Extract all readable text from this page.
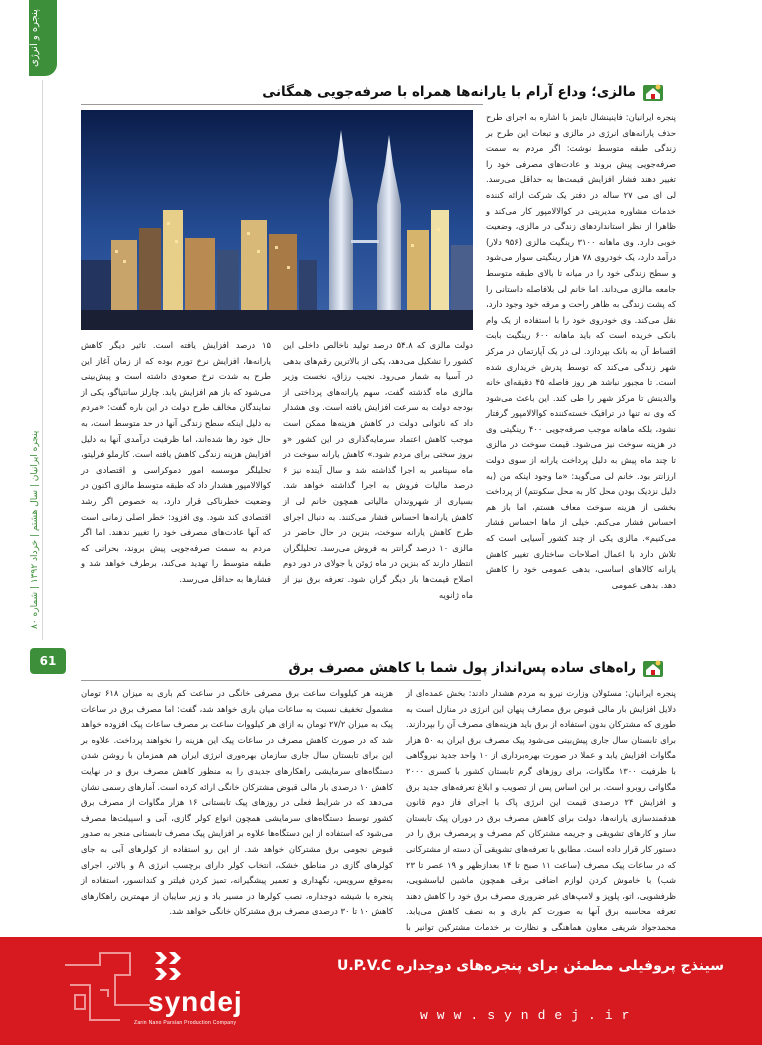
پنجره و انرژی
پنجره ایرانیان | سال هشتم | خرداد ۱۳۹۲ | شماره ۸۰
61
مالزی؛ وداع آرام با یارانه‌ها همراه با صرفه‌جویی همگانی

پنجره ایرانیان: فاینینشال تایمز با اشاره به اجرای طرح حذف یارانه‌های انرژی در مالزی و تبعات این طرح بر زندگی طبقه متوسط نوشت: اگر مردم به سمت صرفه‌جویی پیش بروند و عادت‌های مصرفی خود را تغییر دهند فشار افزایش قیمت‌ها به حداقل می‌رسد. لی ای می ۲۷ ساله در دفتر یک شرکت ارائه کننده خدمات مشاوره مدیریتی در کوالالامپور کار می‌کند و ظاهرا از نظر استانداردهای زندگی در مالزی، وضعیت خوبی دارد. وی ماهانه ۳۱۰۰ رینگیت مالزی (۹۵۶ دلار) درآمد دارد، یک خودروی ۷۸ هزار رینگیتی سوار می‌شود و سطح زندگی خود را در میانه تا بالای طبقه متوسط جامعه مالزی می‌داند. اما خانم لی بلافاصله داستانی را که پشت زندگی به ظاهر راحت و مرفه خود وجود دارد، نقل می‌کند. وی خودروی خود را با استفاده از یک وام بانکی خریده است که باید ماهانه ۶۰۰ رینگیت بابت اقساط آن به بانک بپردازد. لی در یک آپارتمان در مرکز شهر زندگی می‌کند که توسط پدرش خریداری شده است. تا مجبور نباشد هر روز فاصله ۴۵ دقیقه‌ای خانه والدینش تا مرکز شهر را طی کند. این باعث می‌شود که وی نه تنها در ترافیک خسته‌کننده کوالالامپور گرفتار نشود، بلکه ماهانه موجب صرفه‌جویی ۴۰۰ رینگیتی وی در هزینه سوخت نیز می‌شود. قیمت سوخت در مالزی تا چند ماه پیش به دلیل پرداخت یارانه از سوی دولت ارزانتر بود. خانم لی می‌گوید: «ما وجود اینکه من (به دلیل نزدیک بودن محل کار به محل سکونتم) از پرداخت بخشی از هزینه سوخت معاف هستم، اما باز هم احساس فشار می‌کنم. خیلی از ما‌ها احساس فشار می‌کنیم». مالزی یکی از چند کشور آسیایی است که تلاش دارد با اعمال اصلاحات ساختاری تغییر کاهش یارانه کالاهای اساسی، بدهی عمومی خود را کاهش دهد. بدهی عمومی

دولت مالزی که ۵۴.۸ درصد تولید ناخالص داخلی این کشور را تشکیل می‌دهد، یکی از بالاترین رقم‌های بدهی در آسیا به شمار می‌رود. نجیب رزاق، نخست وزیر مالزی ماه گذشته گفت، سهم یارانه‌های پرداختی از بودجه دولت به سرعت افزایش یافته است. وی هشدار داد که ناتوانی دولت در کاهش هزینه‌ها ممکن است موجب کاهش اعتماد سرمایه‌گذاری در این کشور «و بروز سختی برای مردم شود.» کاهش یارانه سوخت در ماه سپتامبر به اجرا گذاشته شد و سال آینده نیز ۶ درصد مالیات فروش به اجرا گذاشته خواهد شد. بسیاری از شهروندان مالیاتی همچون خانم لی از کاهش یارانه‌ها احساس فشار می‌کنند. به دنبال اجرای طرح کاهش یارانه سوخت، بنزین در حال حاضر در مالزی ۱۰ درصد گرانتر به فروش می‌رسد. تحلیلگران انتظار دارند که بنزین در ماه ژوئن یا جولای در دور دوم اصلاح قیمت‌ها بار دیگر گران شود. تعرفه برق نیز از ماه ژانویه

۱۵ درصد افزایش یافته است. تاثیر دیگر کاهش یارانه‌ها، افزایش نرخ تورم بوده که از زمان آغاز این طرح به شدت نرخ صعودی داشته است و پیش‌بینی می‌شود که باز هم افزایش یابد. چارلز سانتیاگو، یکی از نمایندگان مخالف طرح دولت در این باره گفت: «مردم به دلیل اینکه سطح زندگی آنها در حد متوسط است، به حال خود رها شده‌اند، اما ظرفیت درآمدی آنها به دلیل افزایش هزینه زندگی کاهش یافته است. کارملو فرلیتو، تحلیلگر موسسه امور دموکراسی و اقتصادی در کوالالامپور هشدار داد که طبقه متوسط مالزی اکنون در وضعیت خطرناکی قرار دارد، به خصوص اگر رشد اقتصادی کند شود. وی افزود: خطر اصلی زمانی است که آنها عادت‌های مصرفی خود را تغییر ندهند. اما اگر مردم به سمت صرفه‌جویی پیش بروند، بحرانی که طبقه متوسط را تهدید می‌کند، برطرف خواهد شد و فشارها به حداقل می‌رسد.

راه‌های ساده پس‌انداز پول شما با کاهش مصرف برق

پنجره ایرانیان: مسئولان وزارت نیرو به مردم هشدار دادند: بخش عمده‌ای از دلایل افزایش بار مالی قبوض برق مصارف پنهان این انرژی در منازل است به طوری که مشترکان بدون استفاده از برق باید هزینه‌های مصرف آن را بپردازند. برای تابستان سال جاری پیش‌بینی می‌شود پیک مصرف برق ایران به ۵۰ هزار مگاوات افزایش یابد و عملا در صورت بهره‌برداری از ۱۰ واحد جدید نیروگاهی با ظرفیت ۱۳۰۰ مگاوات، برای روزهای گرم تابستان کشور با کسری ۲۰۰۰ مگاواتی روبرو است. بر این اساس پس از تصویب و ابلاغ تعرفه‌های جدید برق و افزایش ۲۴ درصدی قیمت این انرژی پاک با اجرای فاز دوم قانون هدفمندسازی یارانه‌ها، دولت برای کاهش مصرف برق در دوران پیک تابستان ساز و کارهای تشویقی و جریمه مشترکان کم مصرف و پرمصرف برق را در دستور کار قرار داده است. مطابق با تعرفه‌های تشویقی آن دسته از مشترکانی که در ساعات پیک مصرف (ساعت ۱۱ صبح تا ۱۴ بعدازظهر و ۱۹ عصر تا ۲۳ شب) با خاموش کردن لوازم اضافی برقی همچون ماشین لباسشویی، ظرفشویی، اتو، پلوپز و لامپ‌های غیر ضروری مصرف برق خود را کاهش دهند تعرفه محاسبه برق آنها به صورت کم باری و به نصف کاهش می‌یابد. محمدجواد شریفی معاون هماهنگی و نظارت بر خدمات مشترکین توانیر با

هزینه هر کیلووات ساعت برق مصرفی خانگی در ساعت کم باری به میزان ۶۱۸ تومان مشمول تخفیف نسبت به ساعات میان باری خواهد شد، گفت: اما مصرف برق در ساعات پیک به میزان ۲۷/۲ تومان به ازای هر کیلووات ساعت بر مصرف ساعات پیک افزوده خواهد شد که در صورت کاهش مصرف در ساعات پیک این هزینه را نخواهند پرداخت. علاوه بر این برای تابستان سال جاری سازمان بهره‌وری انرژی ایران هم همزمان با روشن شدن دستگاه‌های سرمایشی راهکارهای جدیدی را به منظور کاهش مصرف برق و در نهایت کاهش ۱۰ درصدی بار مالی قبوض مشترکان خانگی ارائه کرده است. آمارهای رسمی نشان می‌دهد که در شرایط فعلی در روزهای پیک تابستانی ۱۶ هزار مگاوات از مصرف برق کشور توسط دستگاه‌های سرمایشی همچون انواع کولر گازی، آبی و اسپیلت‌ها مصرف می‌شود که استفاده از این دستگاه‌ها علاوه بر افزایش پیک مصرف تابستانی منجر به صدور قبوض نجومی برق مشترکان خواهد شد. از این رو استفاده از کولرهای آبی به جای کولرهای گازی در مناطق خشک، انتخاب کولر دارای برچسب انرژی A و بالاتر، اجرای به‌موقع سرویس، نگهداری و تعمیر پیشگیرانه، تمیز کردن فیلتر و کندانسور، استفاده از پنجره با شیشه دوجداره، نصب کولرها در مسیر باد و زیر سایبان از مهمترین راهکارهای کاهش ۱۰ تا ۳۰ درصدی مصرف برق مشترکان خانگی خواهد شد.

syndej
Zarin Nano Parsian Production Company
سینذج پروفیلی مطمئن برای پنجره‌های دوجداره U.P.V.C
www.syndej.ir
